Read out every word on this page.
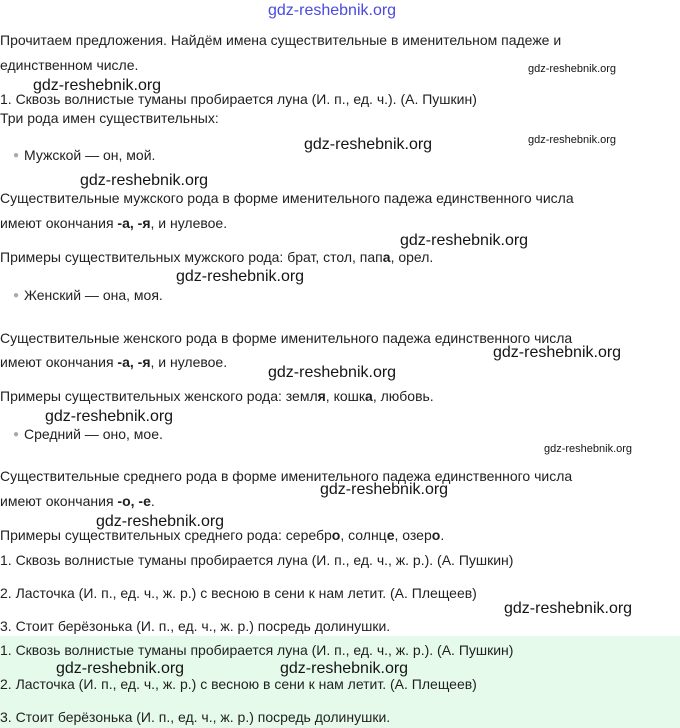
gdz-reshebnik.org
Прочитаем предложения. Найдём имена существительные в именительном падеже и
единственном числе.
1. Сквозь волнистые туманы пробирается луна (И. п., ед. ч.). (А. Пушкин)
Три рода имен существительных:
● Мужской — он, мой.
Существительные мужского рода в форме именительного падежа единственного числа
имеют окончания -а, -я, и нулевое.
Примеры существительных мужского рода: брат, стол, папа, орел.
● Женский — она, моя.
Существительные женского рода в форме именительного падежа единственного числа
имеют окончания -а, -я, и нулевое.
Примеры существительных женского рода: земля, кошка, любовь.
● Средний — оно, мое.
Существительные среднего рода в форме именительного падежа единственного числа
имеют окончания -о, -е.
Примеры существительных среднего рода: серебро, солнце, озеро.
1. Сквозь волнистые туманы пробирается луна (И. п., ед. ч., ж. р.). (А. Пушкин)
2. Ласточка (И. п., ед. ч., ж. р.) с весною в сени к нам летит. (А. Плещеев)
3. Стоит берёзонька (И. п., ед. ч., ж. р.) посредь долинушки.
1. Сквозь волнистые туманы пробирается луна (И. п., ед. ч., ж. р.). (А. Пушкин)
2. Ласточка (И. п., ед. ч., ж. р.) с весною в сени к нам летит. (А. Плещеев)
3. Стоит берёзонька (И. п., ед. ч., ж. р.) посредь долинушки.
gdz-reshebnik.org
gdz-reshebnik.org
gdz-reshebnik.org	gdz-reshebnik.org
gdz-reshebnik.org
gdz-reshebnik.org
gdz-reshebnik.org
gdz-reshebnik.org
gdz-reshebnik.org
gdz-reshebnik.org
gdz-reshebnik.org
gdz-reshebnik.org
gdz-reshebnik.org
gdz-reshebnik.org
gdz-reshebnik.org	gdz-reshebnik.org
